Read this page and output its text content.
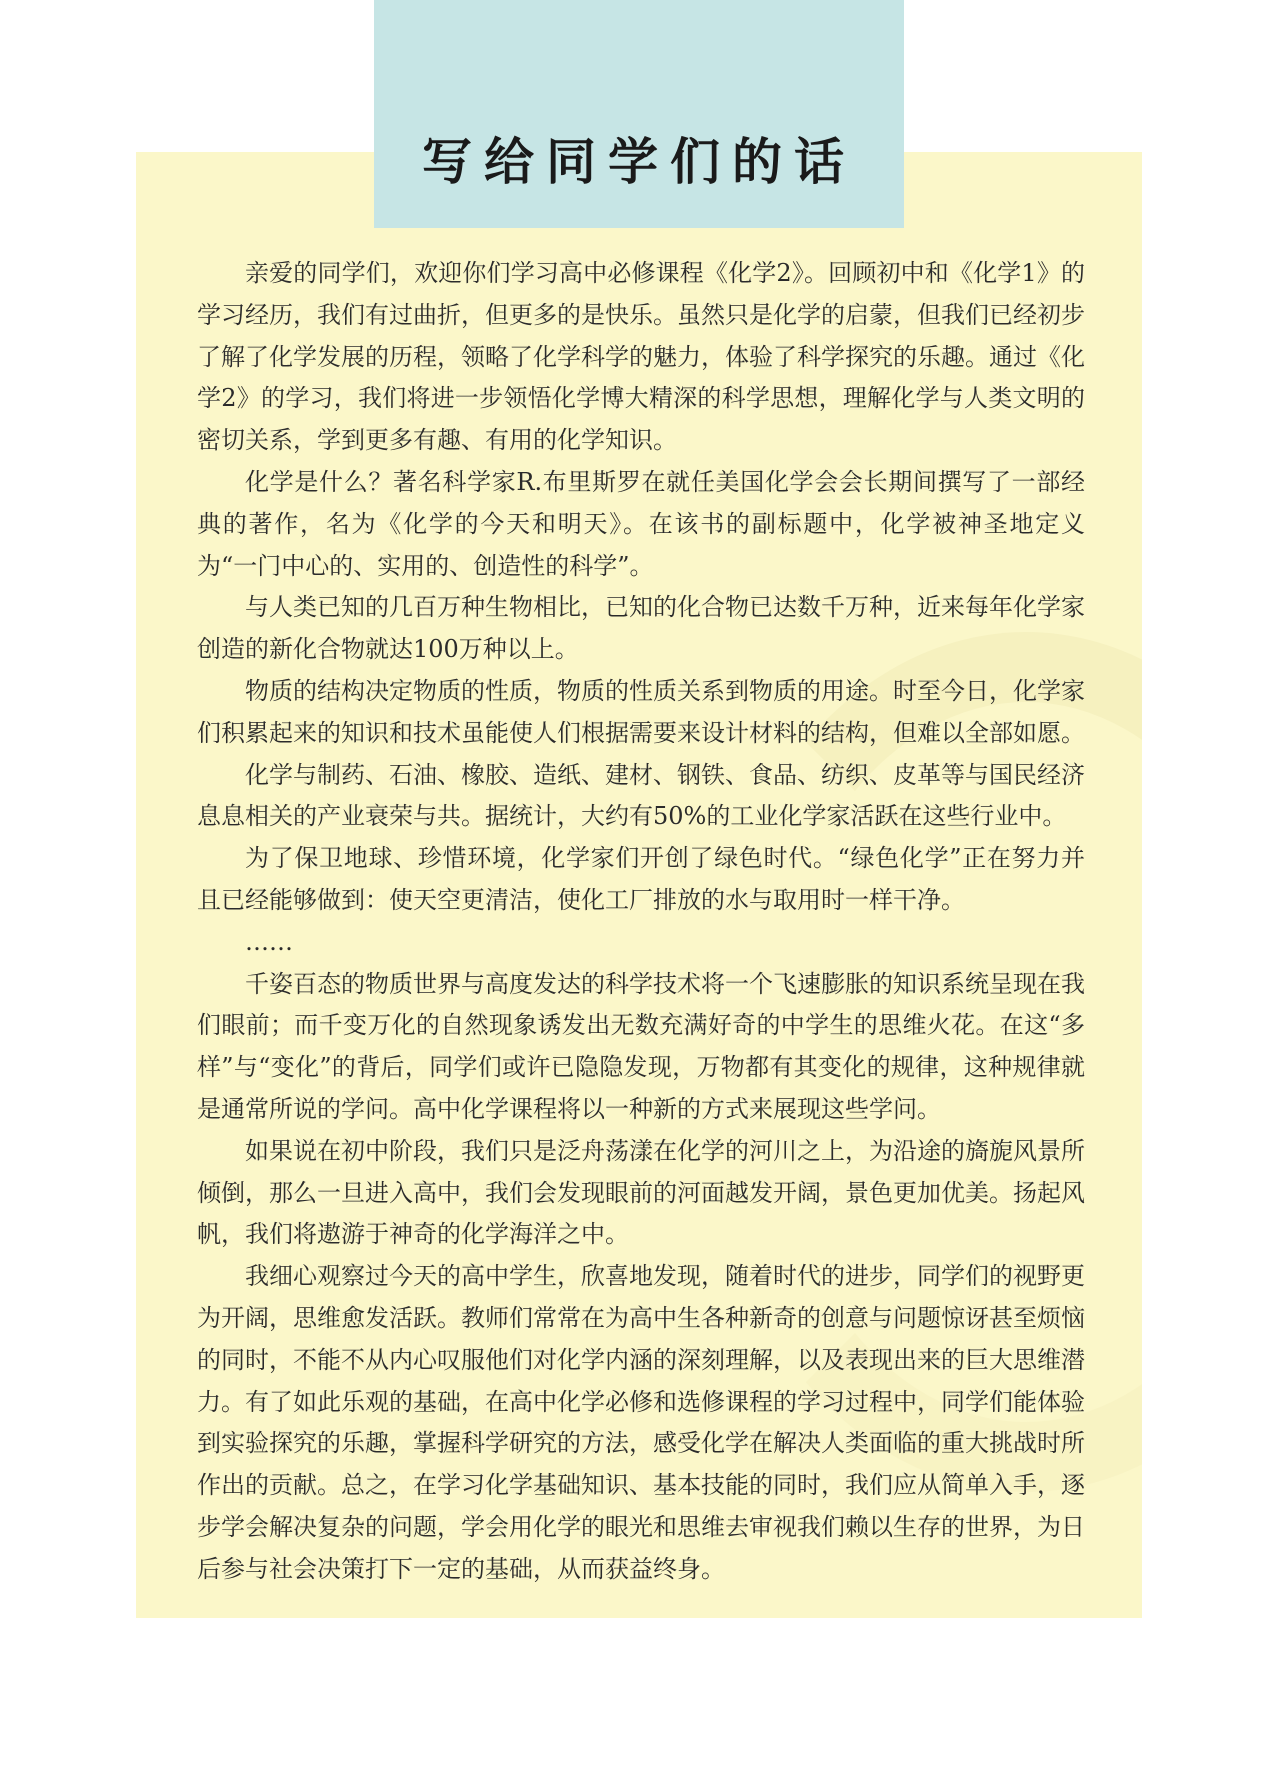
写给同学们的话

亲爱的同学们，欢迎你们学习高中必修课程《化学2》。回顾初中和《化学1》的学习经历，我们有过曲折，但更多的是快乐。虽然只是化学的启蒙，但我们已经初步了解了化学发展的历程，领略了化学科学的魅力，体验了科学探究的乐趣。通过《化学2》的学习，我们将进一步领悟化学博大精深的科学思想，理解化学与人类文明的密切关系，学到更多有趣、有用的化学知识。

化学是什么？著名科学家R.布里斯罗在就任美国化学会会长期间撰写了一部经典的著作，名为《化学的今天和明天》。在该书的副标题中，化学被神圣地定义为“一门中心的、实用的、创造性的科学”。

与人类已知的几百万种生物相比，已知的化合物已达数千万种，近来每年化学家创造的新化合物就达100万种以上。

物质的结构决定物质的性质，物质的性质关系到物质的用途。时至今日，化学家们积累起来的知识和技术虽能使人们根据需要来设计材料的结构，但难以全部如愿。

化学与制药、石油、橡胶、造纸、建材、钢铁、食品、纺织、皮革等与国民经济息息相关的产业衰荣与共。据统计，大约有50%的工业化学家活跃在这些行业中。

为了保卫地球、珍惜环境，化学家们开创了绿色时代。“绿色化学”正在努力并且已经能够做到：使天空更清洁，使化工厂排放的水与取用时一样干净。

……

千姿百态的物质世界与高度发达的科学技术将一个飞速膨胀的知识系统呈现在我们眼前；而千变万化的自然现象诱发出无数充满好奇的中学生的思维火花。在这“多样”与“变化”的背后，同学们或许已隐隐发现，万物都有其变化的规律，这种规律就是通常所说的学问。高中化学课程将以一种新的方式来展现这些学问。

如果说在初中阶段，我们只是泛舟荡漾在化学的河川之上，为沿途的旖旎风景所倾倒，那么一旦进入高中，我们会发现眼前的河面越发开阔，景色更加优美。扬起风帆，我们将遨游于神奇的化学海洋之中。

我细心观察过今天的高中学生，欣喜地发现，随着时代的进步，同学们的视野更为开阔，思维愈发活跃。教师们常常在为高中生各种新奇的创意与问题惊讶甚至烦恼的同时，不能不从内心叹服他们对化学内涵的深刻理解，以及表现出来的巨大思维潜力。有了如此乐观的基础，在高中化学必修和选修课程的学习过程中，同学们能体验到实验探究的乐趣，掌握科学研究的方法，感受化学在解决人类面临的重大挑战时所作出的贡献。总之，在学习化学基础知识、基本技能的同时，我们应从简单入手，逐步学会解决复杂的问题，学会用化学的眼光和思维去审视我们赖以生存的世界，为日后参与社会决策打下一定的基础，从而获益终身。
